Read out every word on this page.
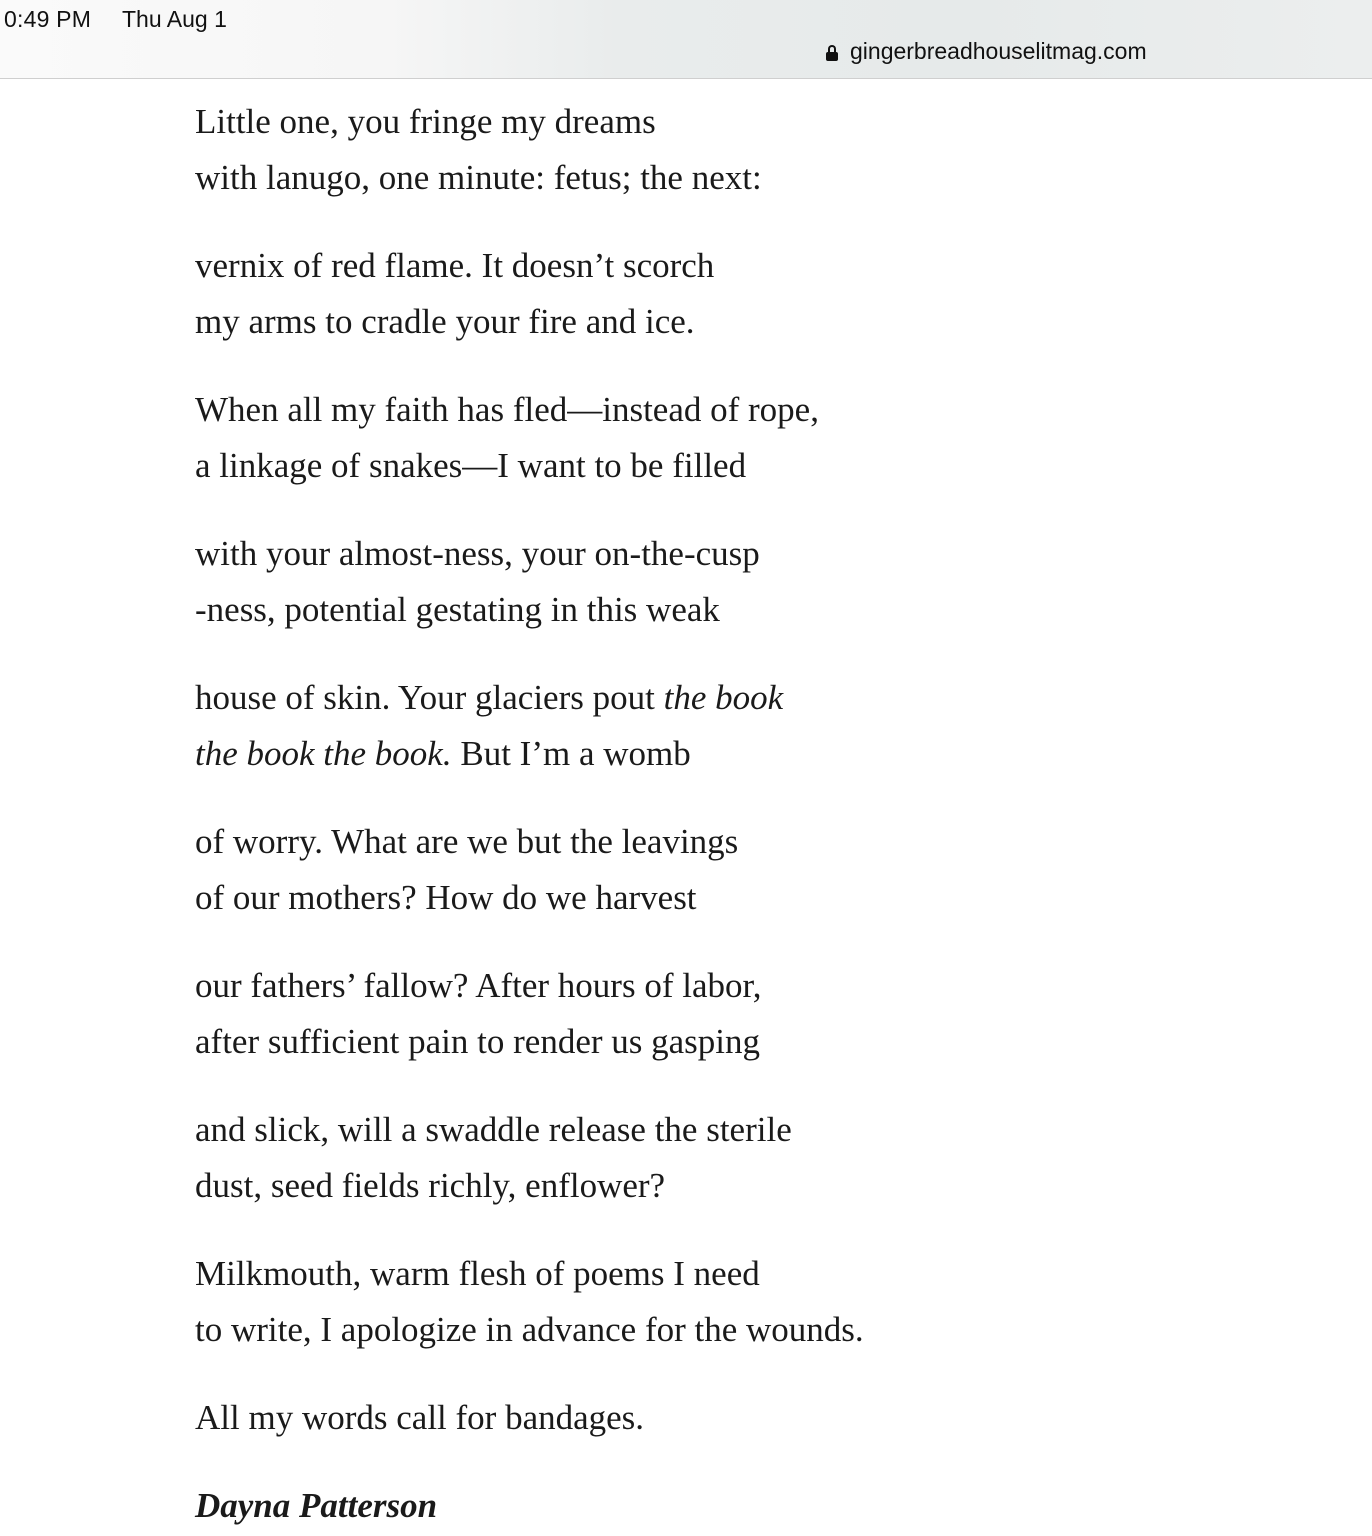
0:49 PM Thu Aug 1
gingerbreadhouselitmag.com
Little one, you fringe my dreams
with lanugo, one minute: fetus; the next:
vernix of red flame. It doesn’t scorch
my arms to cradle your fire and ice.
When all my faith has fled—instead of rope,
a linkage of snakes—I want to be filled
with your almost-ness, your on-the-cusp
-ness, potential gestating in this weak
house of skin. Your glaciers pout the book
the book the book. But I’m a womb
of worry. What are we but the leavings
of our mothers? How do we harvest
our fathers’ fallow? After hours of labor,
after sufficient pain to render us gasping
and slick, will a swaddle release the sterile
dust, seed fields richly, enflower?
Milkmouth, warm flesh of poems I need
to write, I apologize in advance for the wounds.
All my words call for bandages.
Dayna Patterson
